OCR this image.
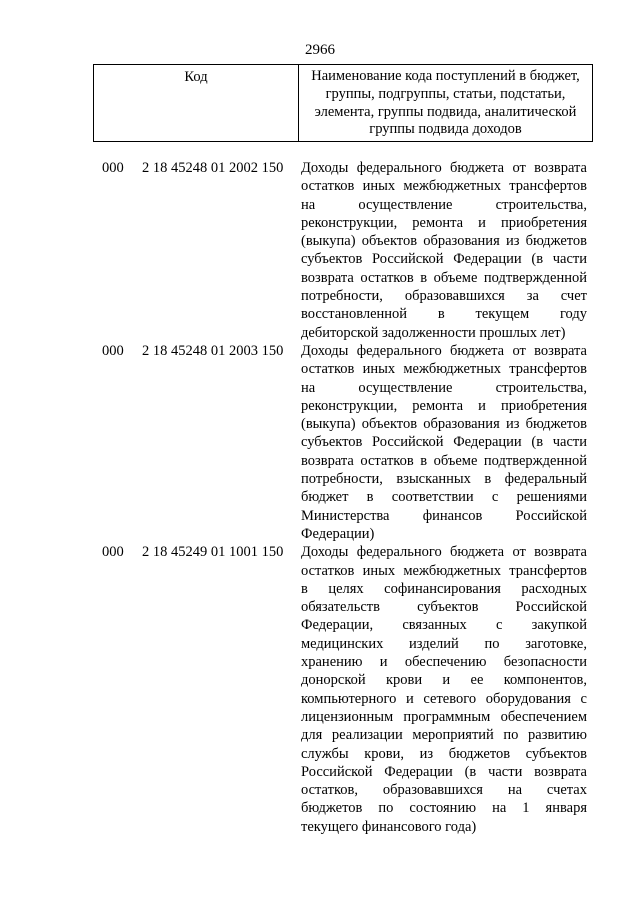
2966
Код	Наименование кода поступлений в бюджет,
группы, подгруппы, статьи, подстатьи,
элемента, группы подвида, аналитической
группы подвида доходов
000 2 18 45248 01 2002 150 Доходы федерального бюджета от возврата
остатков иных межбюджетных трансфертов
на осуществление строительства,
реконструкции, ремонта и приобретения
(выкупа) объектов образования из бюджетов
субъектов Российской Федерации (в части
возврата остатков в объеме подтвержденной
потребности, образовавшихся за счет
восстановленной в текущем году
дебиторской задолженности прошлых лет)
000 2 18 45248 01 2003 150 Доходы федерального бюджета от возврата
остатков иных межбюджетных трансфертов
на осуществление строительства,
реконструкции, ремонта и приобретения
(выкупа) объектов образования из бюджетов
субъектов Российской Федерации (в части
возврата остатков в объеме подтвержденной
потребности, взысканных в федеральный
бюджет в соответствии с решениями
Министерства финансов Российской
Федерации)
000 2 18 45249 01 1001 150 Доходы федерального бюджета от возврата
остатков иных межбюджетных трансфертов
в целях софинансирования расходных
обязательств субъектов Российской
Федерации, связанных с закупкой
медицинских изделий по заготовке,
хранению и обеспечению безопасности
донорской крови и ее компонентов,
компьютерного и сетевого оборудования с
лицензионным программным обеспечением
для реализации мероприятий по развитию
службы крови, из бюджетов субъектов
Российской Федерации (в части возврата
остатков, образовавшихся на счетах
бюджетов по состоянию на 1 января
текущего финансового года)
